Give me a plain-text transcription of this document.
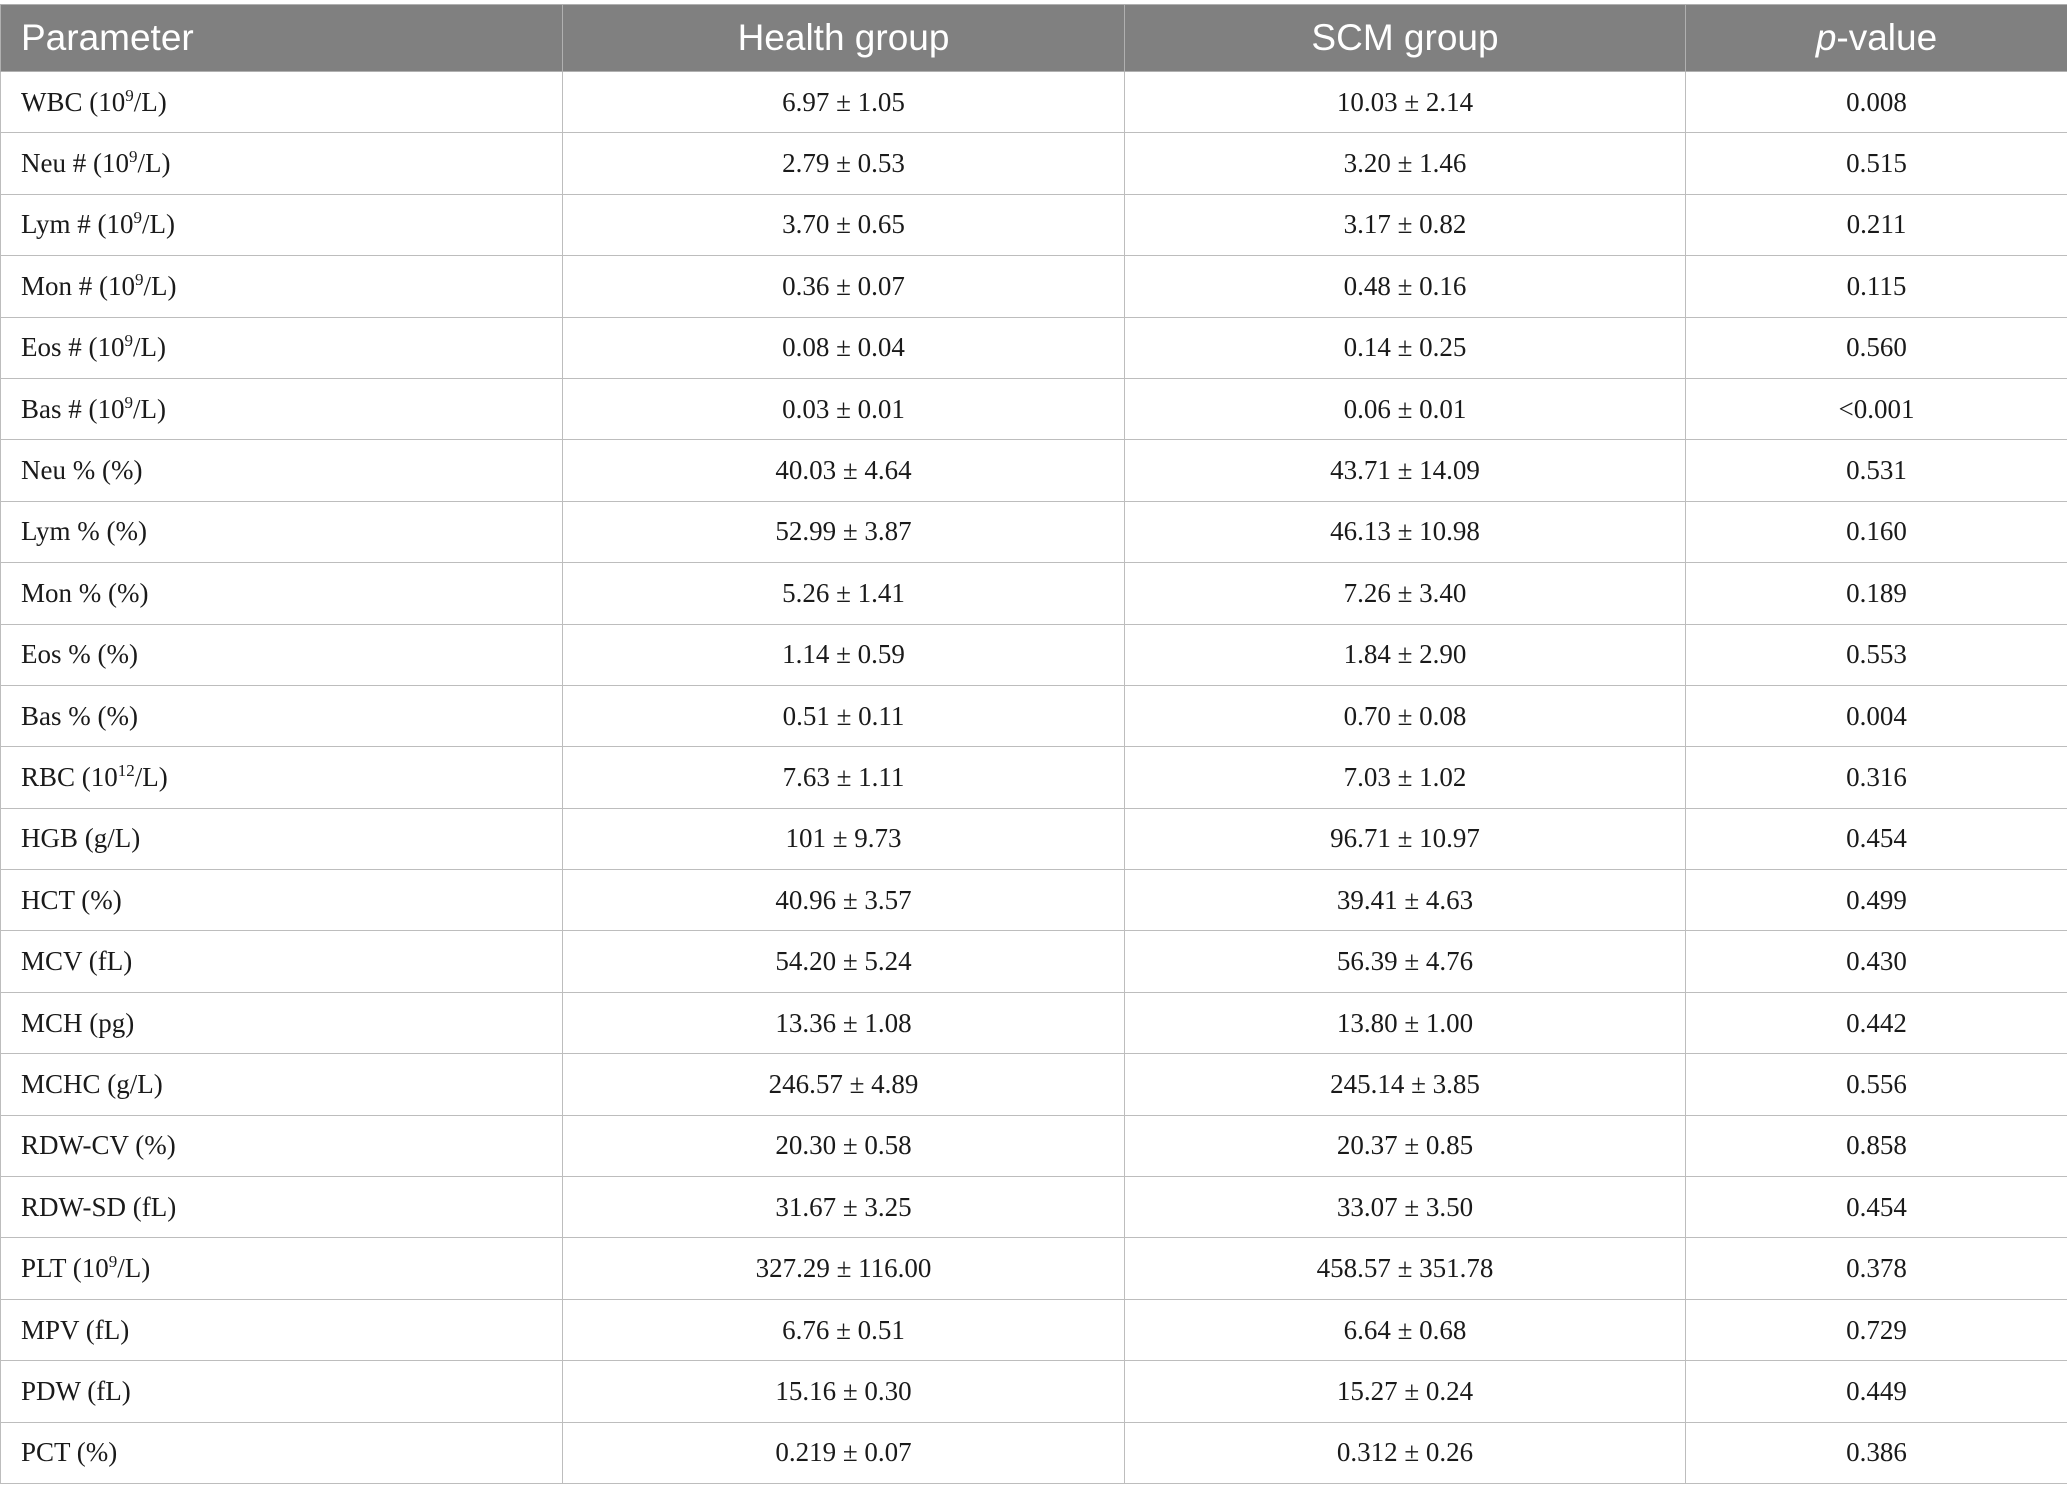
Parameter	Health group	SCM group	p-value
WBC $(10^9/L)$	6.97 ± 1.05	10.03 ± 2.14	0.008
Neu # $(10^9/L)$	2.79 ± 0.53	3.20 ± 1.46	0.515
Lym # $(10^9/L)$	3.70 ± 0.65	3.17 ± 0.82	0.211
Mon # $(10^9/L)$	0.36 ± 0.07	0.48 ± 0.16	0.115
Eos # $(10^9/L)$	0.08 ± 0.04	0.14 ± 0.25	0.560
Bas # $(10^9/L)$	0.03 ± 0.01	0.06 ± 0.01	<0.001
Neu % (%)	40.03 ± 4.64	43.71 ± 14.09	0.531
Lym % (%)	52.99 ± 3.87	46.13 ± 10.98	0.160
Mon % (%)	5.26 ± 1.41	7.26 ± 3.40	0.189
Eos % (%)	1.14 ± 0.59	1.84 ± 2.90	0.553
Bas % (%)	0.51 ± 0.11	0.70 ± 0.08	0.004
RBC $(10^{12}/L)$	7.63 ± 1.11	7.03 ± 1.02	0.316
HGB (g/L)	101 ± 9.73	96.71 ± 10.97	0.454
HCT (%)	40.96 ± 3.57	39.41 ± 4.63	0.499
MCV (fL)	54.20 ± 5.24	56.39 ± 4.76	0.430
MCH (pg)	13.36 ± 1.08	13.80 ± 1.00	0.442
MCHC (g/L)	246.57 ± 4.89	245.14 ± 3.85	0.556
RDW-CV (%)	20.30 ± 0.58	20.37 ± 0.85	0.858
RDW-SD (fL)	31.67 ± 3.25	33.07 ± 3.50	0.454
PLT $(10^9/L)$	327.29 ± 116.00	458.57 ± 351.78	0.378
MPV (fL)	6.76 ± 0.51	6.64 ± 0.68	0.729
PDW (fL)	15.16 ± 0.30	15.27 ± 0.24	0.449
PCT (%)	0.219 ± 0.07	0.312 ± 0.26	0.386
